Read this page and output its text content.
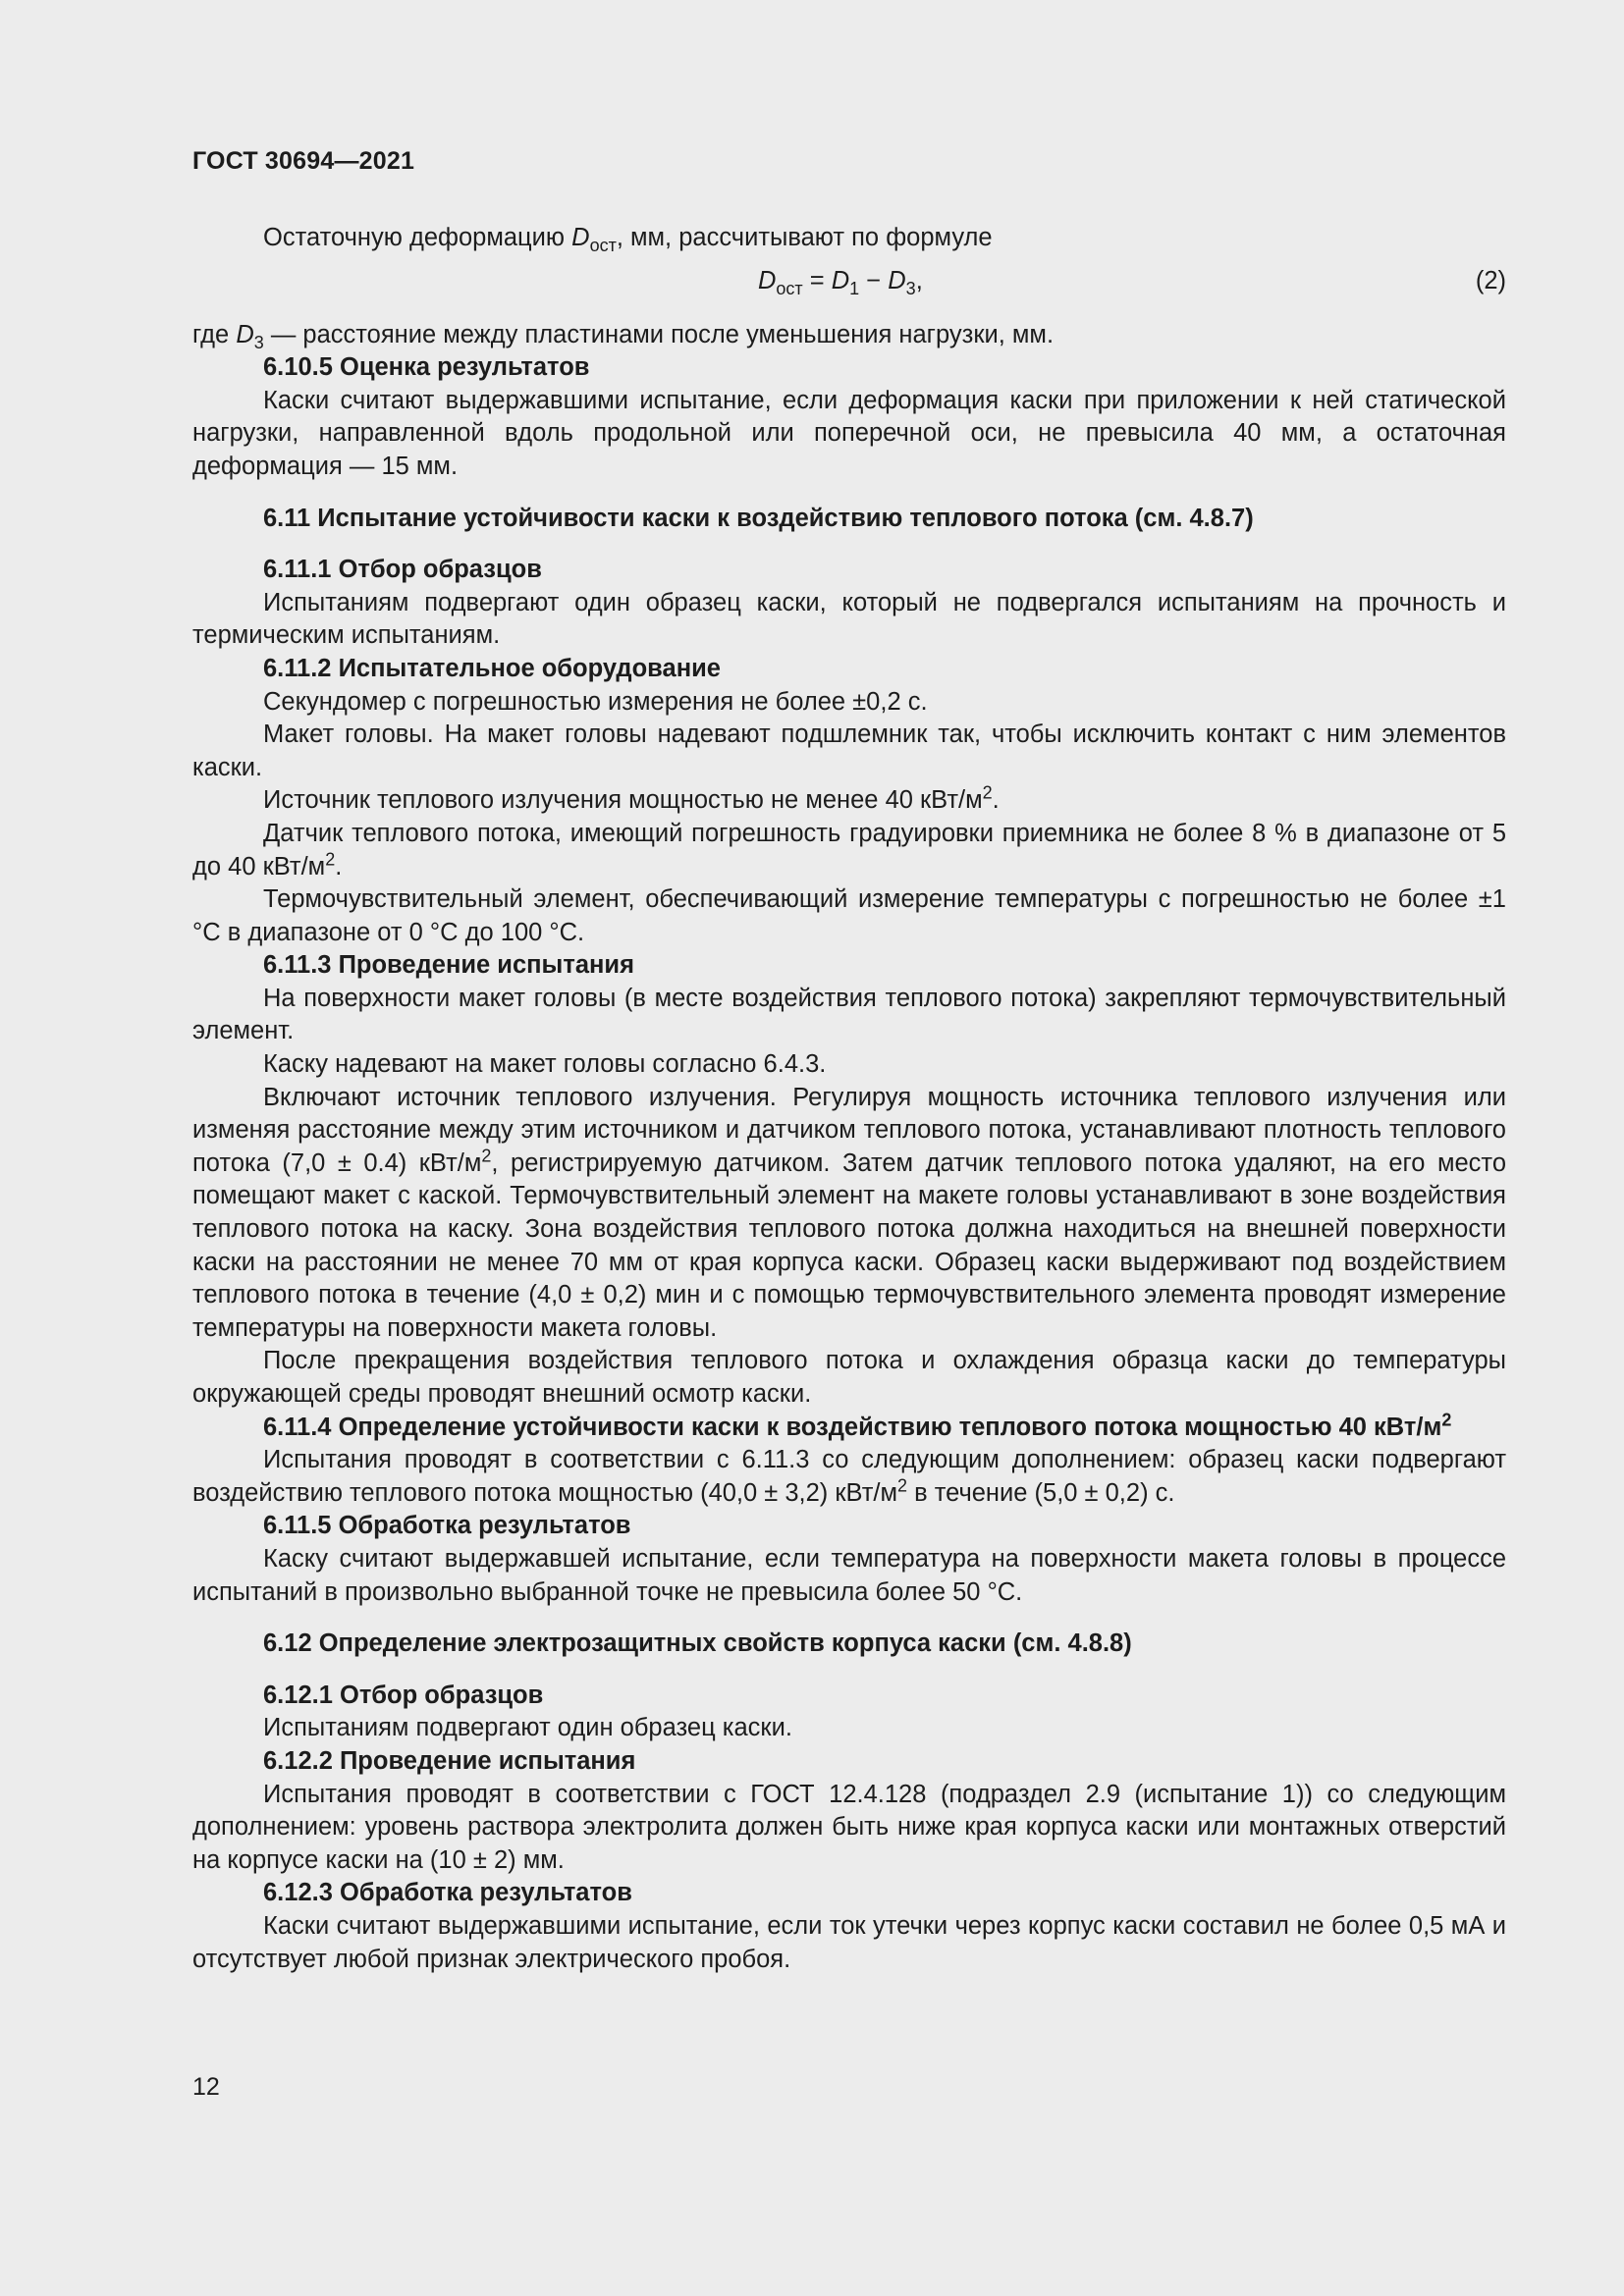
ГОСТ 30694—2021

Остаточную деформацию $D_{ост}$, мм, рассчитывают по формуле

$D_{ост} = D_1 - D_3$,	(2)

где $D_3$ — расстояние между пластинами после уменьшения нагрузки, мм.

6.10.5 Оценка результатов

Каски считают выдержавшими испытание, если деформация каски при приложении к ней статической нагрузки, направленной вдоль продольной или поперечной оси, не превысила 40 мм, а остаточная деформация — 15 мм.

6.11 Испытание устойчивости каски к воздействию теплового потока (см. 4.8.7)

6.11.1 Отбор образцов

Испытаниям подвергают один образец каски, который не подвергался испытаниям на прочность и термическим испытаниям.

6.11.2 Испытательное оборудование

Секундомер с погрешностью измерения не более ±0,2 с.

Макет головы. На макет головы надевают подшлемник так, чтобы исключить контакт с ним элементов каски.

Источник теплового излучения мощностью не менее 40 кВт/$м^2$.

Датчик теплового потока, имеющий погрешность градуировки приемника не более 8 % в диапазоне от 5 до 40 кВт/$м^2$.

Термочувствительный элемент, обеспечивающий измерение температуры с погрешностью не более ±1 °С в диапазоне от 0 °С до 100 °С.

6.11.3 Проведение испытания

На поверхности макет головы (в месте воздействия теплового потока) закрепляют термочувствительный элемент.

Каску надевают на макет головы согласно 6.4.3.

Включают источник теплового излучения. Регулируя мощность источника теплового излучения или изменяя расстояние между этим источником и датчиком теплового потока, устанавливают плотность теплового потока (7,0 ± 0.4) кВт/$м^2$, регистрируемую датчиком. Затем датчик теплового потока удаляют, на его место помещают макет с каской. Термочувствительный элемент на макете головы устанавливают в зоне воздействия теплового потока на каску. Зона воздействия теплового потока должна находиться на внешней поверхности каски на расстоянии не менее 70 мм от края корпуса каски. Образец каски выдерживают под воздействием теплового потока в течение (4,0 ± 0,2) мин и с помощью термочувствительного элемента проводят измерение температуры на поверхности макета головы.

После прекращения воздействия теплового потока и охлаждения образца каски до температуры окружающей среды проводят внешний осмотр каски.

6.11.4 Определение устойчивости каски к воздействию теплового потока мощностью 40 кВт/$м^2$

Испытания проводят в соответствии с 6.11.3 со следующим дополнением: образец каски подвергают воздействию теплового потока мощностью (40,0 ± 3,2) кВт/$м^2$ в течение (5,0 ± 0,2) с.

6.11.5 Обработка результатов

Каску считают выдержавшей испытание, если температура на поверхности макета головы в процессе испытаний в произвольно выбранной точке не превысила более 50 °С.

6.12 Определение электрозащитных свойств корпуса каски (см. 4.8.8)

6.12.1 Отбор образцов

Испытаниям подвергают один образец каски.

6.12.2 Проведение испытания

Испытания проводят в соответствии с ГОСТ 12.4.128 (подраздел 2.9 (испытание 1)) со следующим дополнением: уровень раствора электролита должен быть ниже края корпуса каски или монтажных отверстий на корпусе каски на (10 ± 2) мм.

6.12.3 Обработка результатов

Каски считают выдержавшими испытание, если ток утечки через корпус каски составил не более 0,5 мА и отсутствует любой признак электрического пробоя.

12
